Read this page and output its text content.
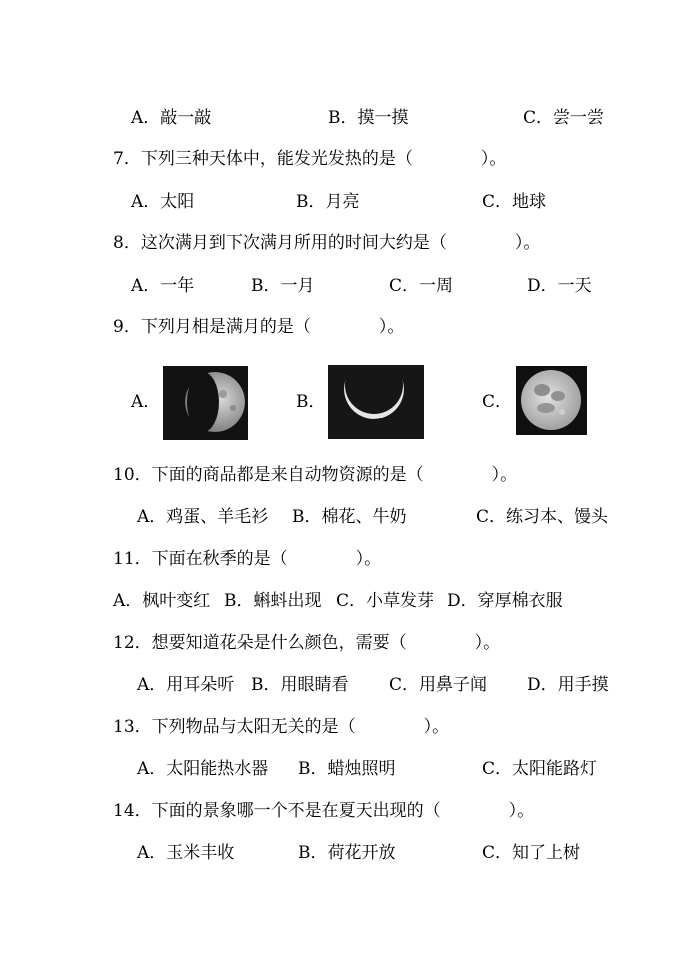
A．敲一敲	B．摸一摸	C．尝一尝
7．下列三种天体中，能发光发热的是（　　　　）。
A．太阳	B．月亮	C．地球
8．这次满月到下次满月所用的时间大约是（　　　　）。
A．一年	B．一月	C．一周	D．一天
9．下列月相是满月的是（　　　　）。
A．	B．	C．
10．下面的商品都是来自动物资源的是（　　　　）。
A．鸡蛋、羊毛衫 B．棉花、牛奶	C．练习本、馒头
11．下面在秋季的是（　　　　）。
A．枫叶变红 B．蝌蚪出现 C．小草发芽 D．穿厚棉衣服
12．想要知道花朵是什么颜色，需要（　　　　）。
A．用耳朵听 B．用眼睛看 C．用鼻子闻 D．用手摸
13．下列物品与太阳无关的是（　　　　）。
A．太阳能热水器 B．蜡烛照明	C．太阳能路灯
14．下面的景象哪一个不是在夏天出现的（　　　　）。
A．玉米丰收	B．荷花开放	C．知了上树
